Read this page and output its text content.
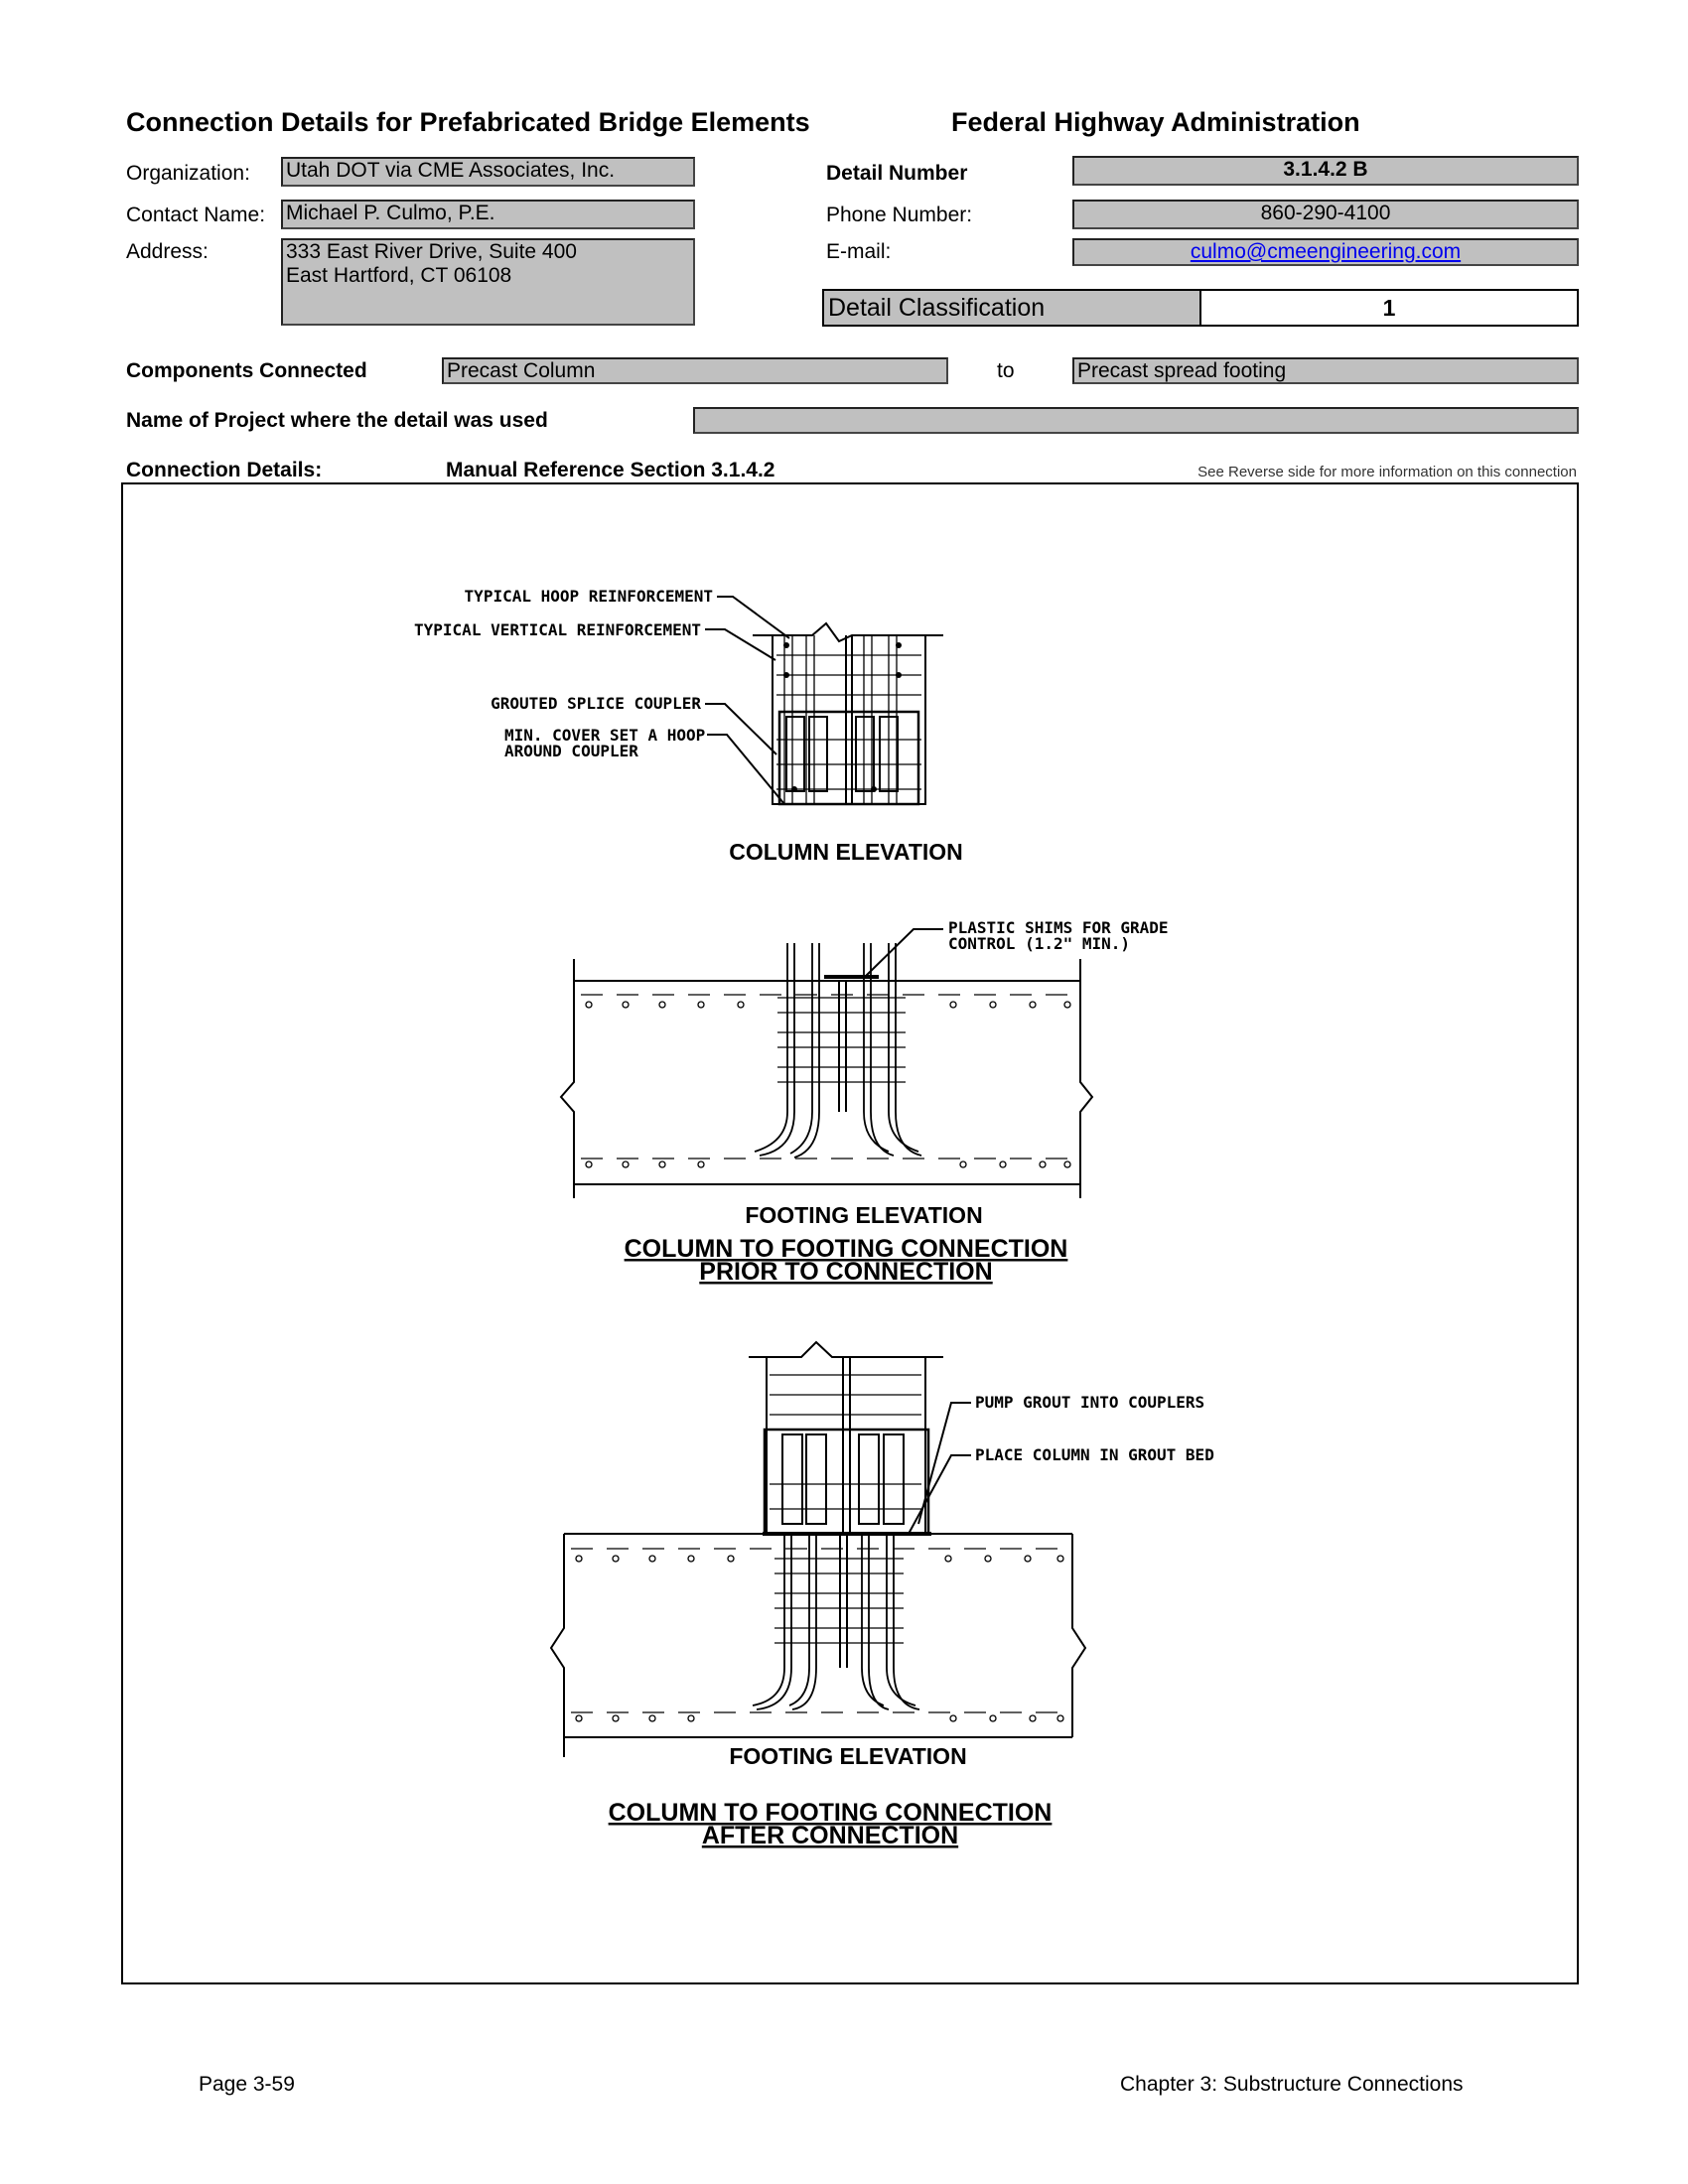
Connection Details for Prefabricated Bridge Elements	Federal Highway Administration
Organization: Utah DOT via CME Associates, Inc.
Contact Name: Michael P. Culmo, P.E.
Address:	333 East River Drive, Suite 400
East Hartford, CT 06108
Detail Number	3.1.4.2 B
Phone Number:	860-290-4100
E-mail:	culmo@cmeengineering.com
Detail Classification	1
Components Connected	Precast Column	to	Precast spread footing
Name of Project where the detail was used
Connection Details:	Manual Reference Section 3.1.4.2	See Reverse side for more information on this connection
TYPICAL HOOP REINFORCEMENT
TYPICAL VERTICAL REINFORCEMENT
GROUTED SPLICE COUPLER
MIN. COVER SET A HOOP
AROUND COUPLER
PLASTIC SHIMS FOR GRADE
CONTROL (1.2" MIN.)
PUMP GROUT INTO COUPLERS
PLACE COLUMN IN GROUT BED
COLUMN ELEVATION
FOOTING ELEVATION
COLUMN TO FOOTING CONNECTION
PRIOR TO CONNECTION
FOOTING ELEVATION
COLUMN TO FOOTING CONNECTION
AFTER CONNECTION
Page 3-59	Chapter 3: Substructure Connections
